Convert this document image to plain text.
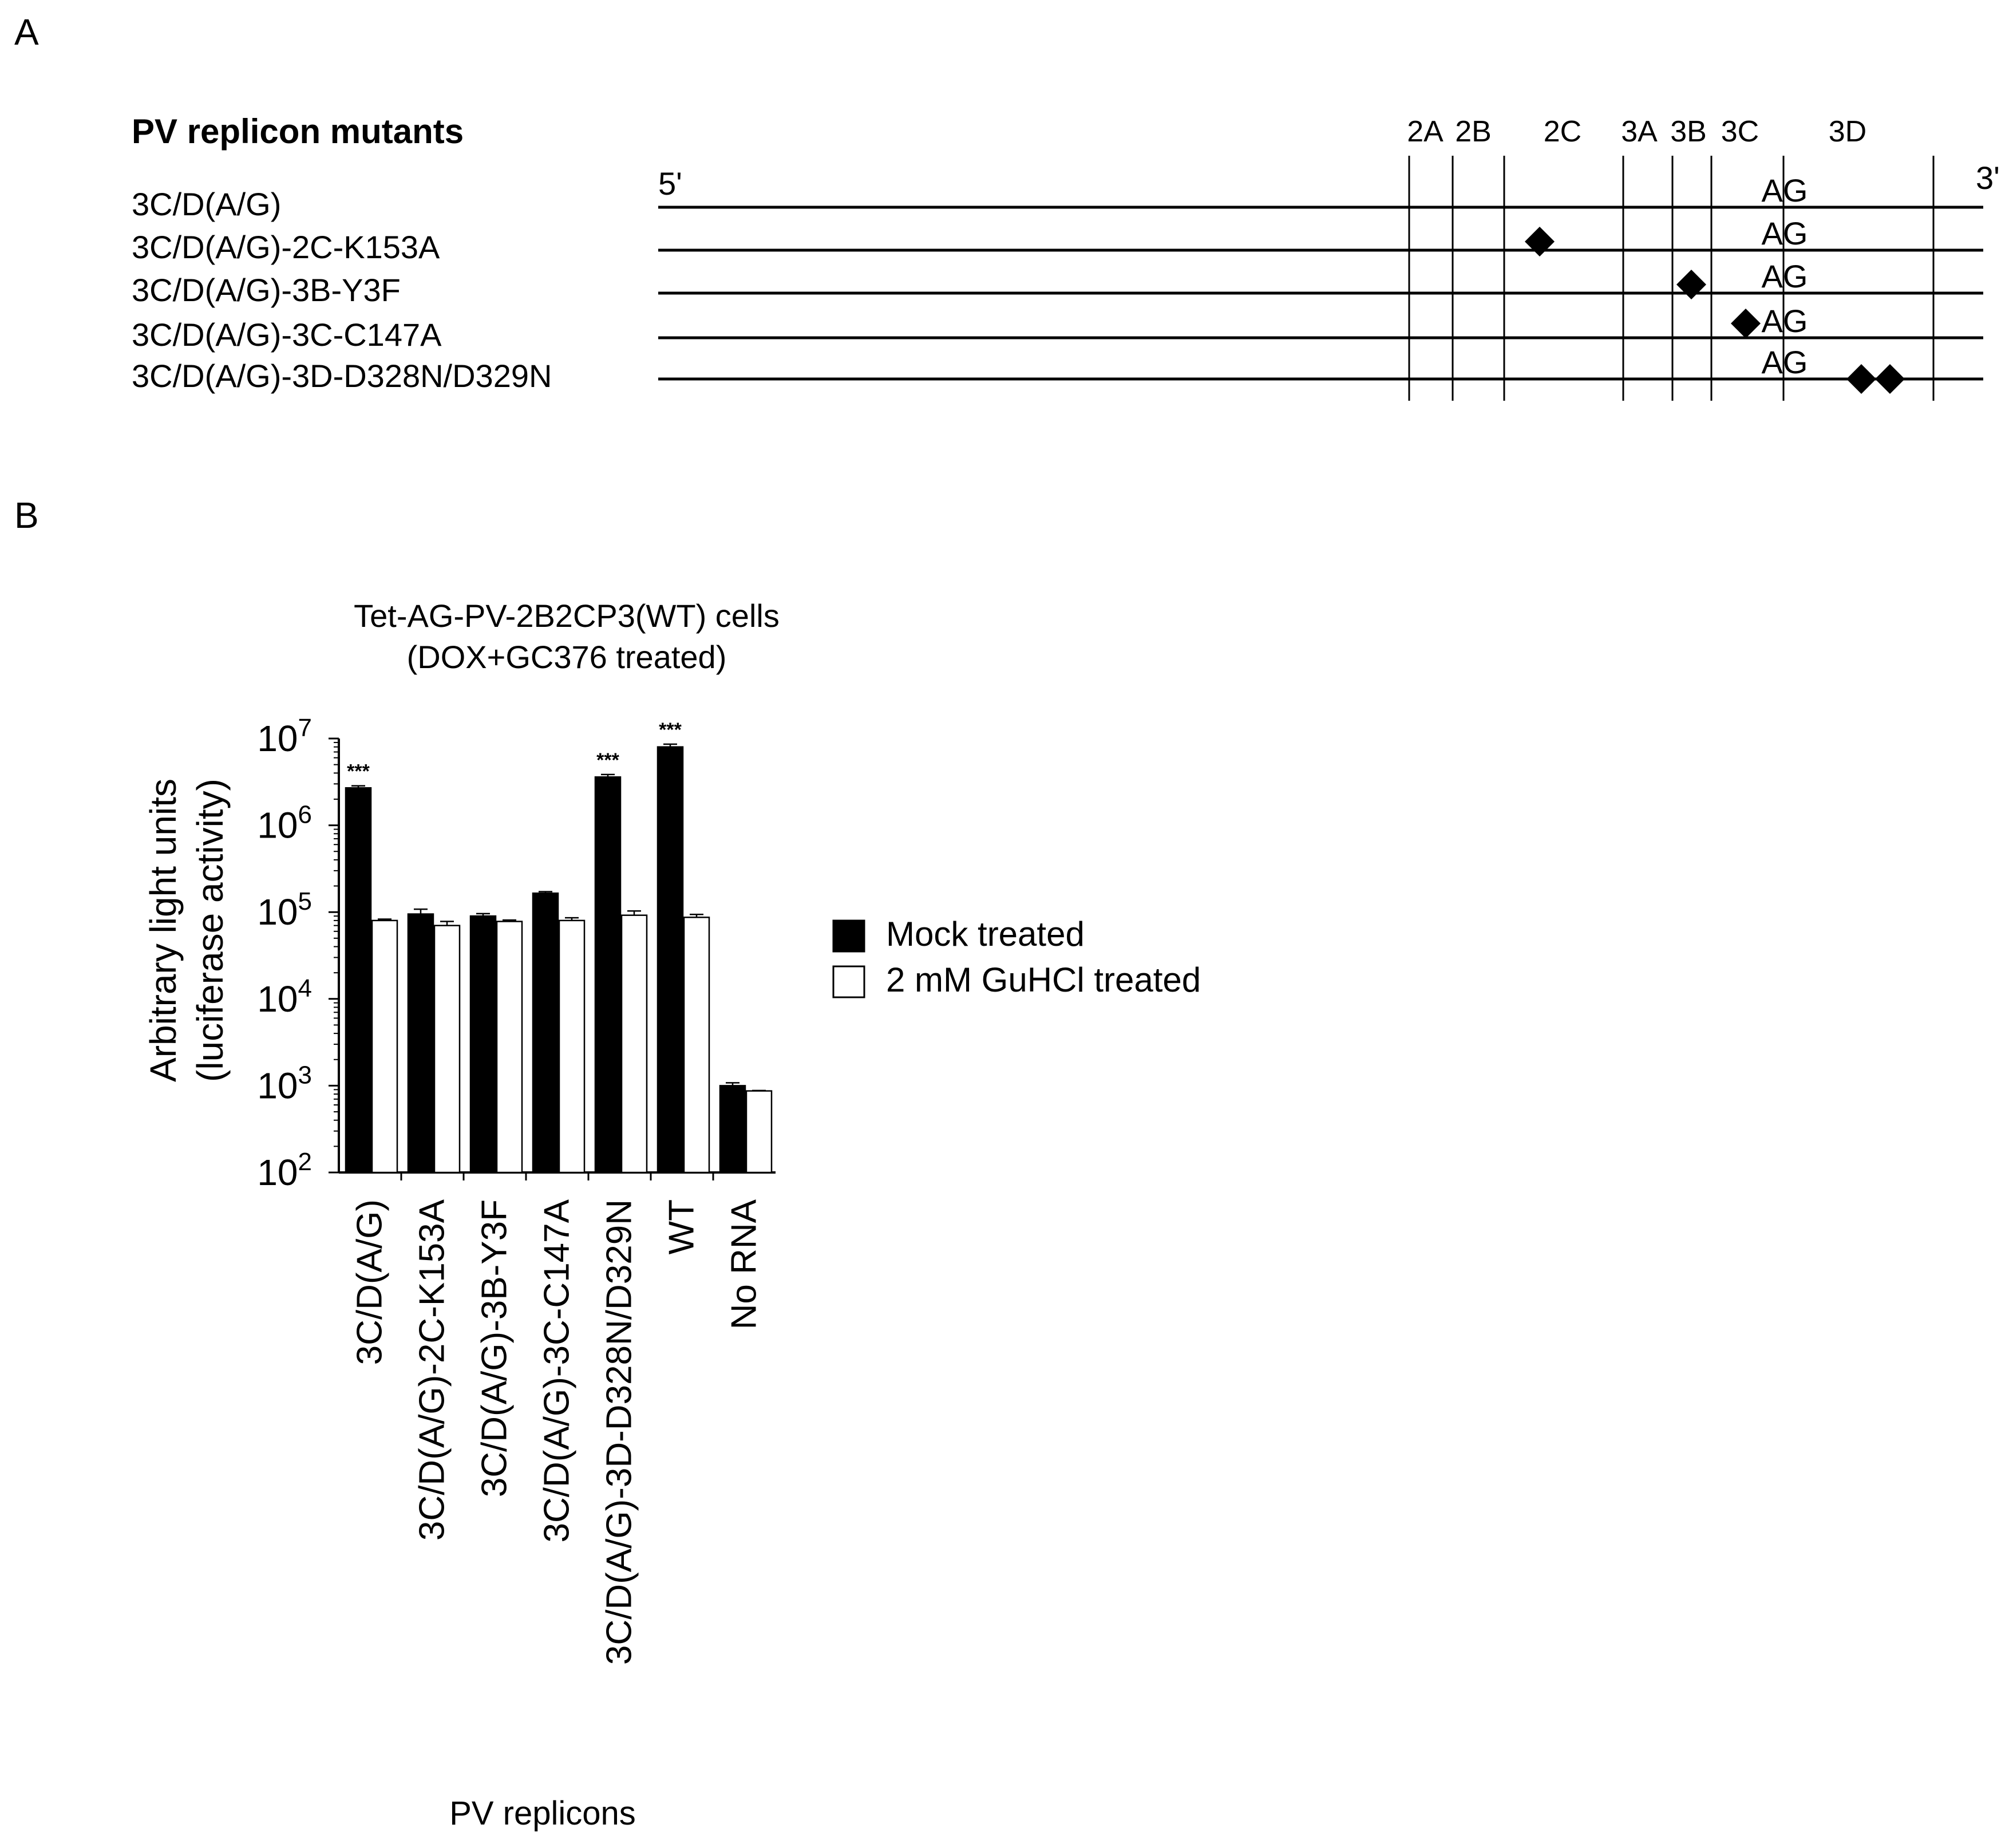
A
PV replicon mutants
5'	3'
2A 2B 2C 3A 3B 3C 3D
3C/D(A/G)	AG
3C/D(A/G)-2C-K153A	AG
3C/D(A/G)-3B-Y3F	AG
3C/D(A/G)-3C-C147A	AG
3C/D(A/G)-3D-D328N/D329N	AG
B
Tet-AG-PV-2B2CP3(WT) cells
(DOX+GC376 treated)
Arbitrary light units (luciferase activity)
$10^2$
$10^3$
$10^4$
$10^5$
$10^6$
$10^7$
***
3C/D(A/G) 3C/D(A/G)-2C-K153A 3C/D(A/G)-3B-Y3F 3C/D(A/G)-3C-C147A
***
3C/D(A/G)-3D-D328N/D329N
***
WT No RNA
PV replicons
Mock treated
2 mM GuHCl treated
